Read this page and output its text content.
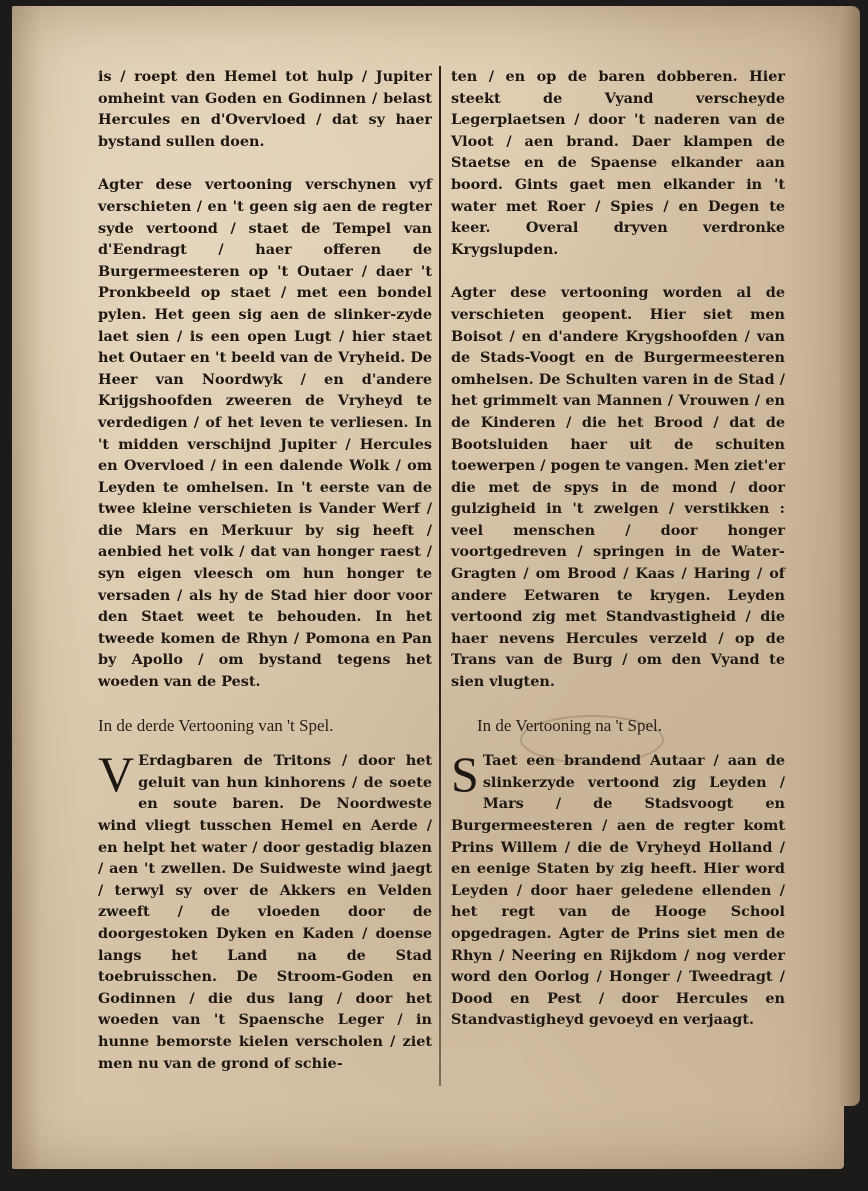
is / roept den Hemel tot hulp / Jupiter omheint van Goden en Godinnen / belast Hercules en d'Overvloed / dat sy haer bystand sullen doen.

Agter dese vertooning verschynen vyf verschieten / en 't geen sig aen de regter syde vertoond / staet de Tempel van d'Eendragt / haer offeren de Burgermeesteren op 't Outaer / daer 't Pronkbeeld op staet / met een bondel pylen. Het geen sig aen de slinker-zyde laet sien / is een open Lugt / hier staet het Outaer en 't beeld van de Vryheid. De Heer van Noordwyk / en d'andere Krijgshoofden zweeren de Vryheyd te verdedigen / of het leven te verliesen. In 't midden verschijnd Jupiter / Hercules en Overvloed / in een dalende Wolk / om Leyden te omhelsen. In 't eerste van de twee kleine verschieten is Vander Werf / die Mars en Merkuur by sig heeft / aenbied het volk / dat van honger raest / syn eigen vleesch om hun honger te versaden / als hy de Stad hier door voor den Staet weet te behouden. In het tweede komen de Rhyn / Pomona en Pan by Apollo / om bystand tegens het woeden van de Pest.

In de derde Vertooning van 't Spel.

V Erdagbaren de Tritons / door het geluit van hun kinhorens / de soete en soute baren. De Noordweste wind vliegt tusschen Hemel en Aerde / en helpt het water / door gestadig blazen / aen 't zwellen. De Suidweste wind jaegt / terwyl sy over de Akkers en Velden zweeft / de vloeden door de doorgestoken Dyken en Kaden / doense langs het Land na de Stad toebruisschen. De Stroom-Goden en Godinnen / die dus lang / door het woeden van 't Spaensche Leger / in hunne bemorste kielen verscholen / ziet men nu van de grond of schie-

ten / en op de baren dobberen. Hier steekt de Vyand verscheyde Legerplaetsen / door 't naderen van de Vloot / aen brand. Daer klampen de Staetse en de Spaense elkander aan boord. Gints gaet men elkander in 't water met Roer / Spies / en Degen te keer. Overal dryven verdronke Krygslupden.

Agter dese vertooning worden al de verschieten geopent. Hier siet men Boisot / en d'andere Krygshoofden / van de Stads-Voogt en de Burgermeesteren omhelsen. De Schulten varen in de Stad / het grimmelt van Mannen / Vrouwen / en de Kinderen / die het Brood / dat de Bootsluiden haer uit de schuiten toewerpen / pogen te vangen. Men ziet'er die met de spys in de mond / door gulzigheid in 't zwelgen / verstikken : veel menschen / door honger voortgedreven / springen in de Water-Gragten / om Brood / Kaas / Haring / of andere Eetwaren te krygen. Leyden vertoond zig met Standvastigheid / die haer nevens Hercules verzeld / op de Trans van de Burg / om den Vyand te sien vlugten.

In de Vertooning na 't Spel.

S Taet een brandend Autaar / aan de slinkerzyde vertoond zig Leyden / Mars / de Stadsvoogt en Burgermeesteren / aen de regter komt Prins Willem / die de Vryheyd Holland / en eenige Staten by zig heeft. Hier word Leyden / door haer geledene ellenden / het regt van de Hooge School opgedragen. Agter de Prins siet men de Rhyn / Neering en Rijkdom / nog verder word den Oorlog / Honger / Tweedragt / Dood en Pest / door Hercules en Standvastigheyd gevoeyd en verjaagt.
